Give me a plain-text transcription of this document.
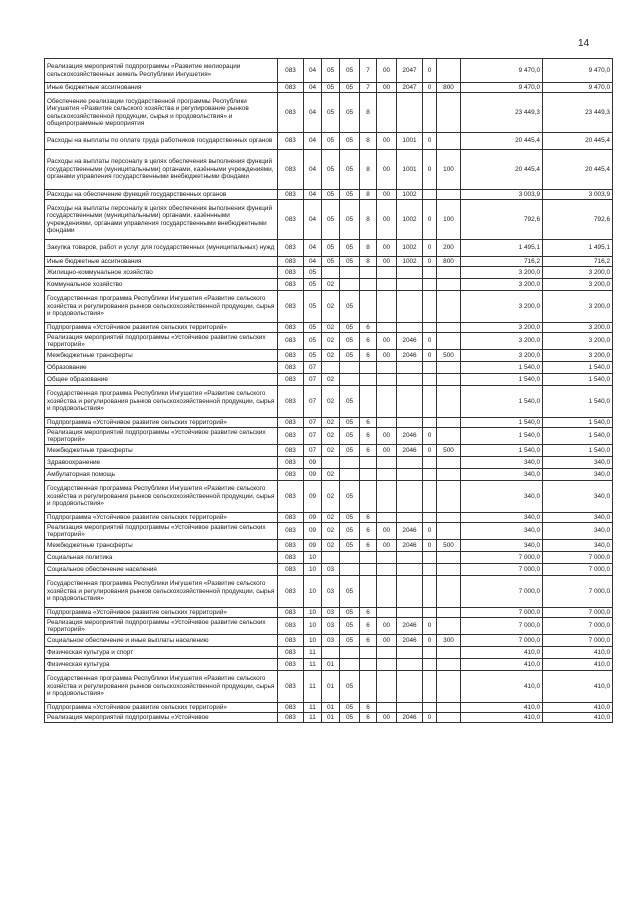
14
Реализация мероприятий подпрограммы «Развитие мелиорации сельскохозяйственных земель Республики Ингушетия»	083	04	05	05	7	00	2047	0		9 470,0	9 470,0
Иные бюджетные ассигнования	083	04	05	05	7	00	2047	0	800	9 470,0	9 470,0
Обеспечение реализации государственной программы Республики Ингушетия «Развитие сельского хозяйства и регулирование рынков сельскохозяйственной продукции, сырья и продовольствия» и общепрограммные мероприятия	083	04	05	05	8					23 449,3	23 449,3
Расходы на выплаты по оплате труда работников государственных органов	083	04	05	05	8	00	1001	0		20 445,4	20 445,4
Расходы на выплаты персоналу в целях обеспечения выполнения функций государственными (муниципальными) органами, казёнными учреждениями, органами управления государственными внебюджетными фондами	083	04	05	05	8	00	1001	0	100	20 445,4	20 445,4
Расходы на обеспечение функций государственных органов	083	04	05	05	8	00	1002			3 003,9	3 003,9
Расходы на выплаты персоналу в целях обеспечения выполнения функций государственными (муниципальными) органами, казённными учреждениями, органами управления государственными внебюджетными фондами	083	04	05	05	8	00	1002	0	100	792,6	792,6
Закупка товаров, работ и услуг для государственных (муниципальных) нужд	083	04	05	05	8	00	1002	0	200	1 495,1	1 495,1
Иные бюджетные ассигнования	083	04	05	05	8	00	1002	0	800	716,2	716,2
Жилищно-коммунальное хозяйство	083	05								3 200,0	3 200,0
Коммунальное хозяйство	083	05	02							3 200,0	3 200,0
Государственная программа Республики Ингушетия «Развитие сельского хозяйства и регулирования рынков сельскохозяйственной продукции, сырья и продовольствия»	083	05	02	05						3 200,0	3 200,0
Подпрограмма «Устойчивое развитие сельских территорий»	083	05	02	05	6					3 200,0	3 200,0
Реализация мероприятий подпрограммы «Устойчивое развитие сельских территорий»	083	05	02	05	6	00	2046	0		3 200,0	3 200,0
Межбюджетные трансферты	083	05	02	05	6	00	2046	0	500	3 200,0	3 200,0
Образование	083	07								1 540,0	1 540,0
Общее образование	083	07	02							1 540,0	1 540,0
Государственная программа Республики Ингушетия «Развитие сельского хозяйства и регулирования рынков сельскохозяйственной продукции, сырья и продовольствия»	083	07	02	05						1 540,0	1 540,0
Подпрограмма «Устойчивое развитие сельских территорий»	083	07	02	05	6					1 540,0	1 540,0
Реализация мероприятий подпрограммы «Устойчивое развитие сельских территорий»	083	07	02	05	6	00	2046	0		1 540,0	1 540,0
Межбюджетные трансферты	083	07	02	05	6	00	2046	0	500	1 540,0	1 540,0
Здравоохранение	083	09								340,0	340,0
Амбулаторная помощь	083	09	02							340,0	340,0
Государственная программа Республики Ингушетия «Развитие сельского хозяйства и регулирования рынков сельскохозяйственной продукции, сырья и продовольствия»	083	09	02	05						340,0	340,0
Подпрограмма «Устойчивое развитие сельских территорий»	083	09	02	05	6					340,0	340,0
Реализация мероприятий подпрограммы «Устойчивое развитие сельских территорий»	083	09	02	05	6	00	2046	0		340,0	340,0
Межбюджетные трансферты	083	09	02	05	6	00	2046	0	500	340,0	340,0
Социальная политика	083	10								7 000,0	7 000,0
Социальное обеспечение населения	083	10	03							7 000,0	7 000,0
Государственная программа Республики Ингушетия «Развитие сельского хозяйства и регулирования рынков сельскохозяйственной продукции, сырья и продовольствия»	083	10	03	05						7 000,0	7 000,0
Подпрограмма «Устойчивое развитие сельских территорий»	083	10	03	05	6					7 000,0	7 000,0
Реализация мероприятий подпрограммы «Устойчивое развитие сельских территорий»	083	10	03	05	6	00	2046	0		7 000,0	7 000,0
Социальное обеспечение и иные выплаты населению	083	10	03	05	6	00	2046	0	300	7 000,0	7 000,0
Физическая культура и спорт	083	11								410,0	410,0
Физическая культура	083	11	01							410,0	410,0
Государственная программа Республики Ингушетия «Развитие сельского хозяйства и регулирования рынков сельскохозяйственной продукции, сырья и продовольствия»	083	11	01	05						410,0	410,0
Подпрограмма «Устойчивое развитие сельских территорий»	083	11	01	05	6					410,0	410,0
Реализация мероприятий подпрограммы «Устойчивое	083	11	01	05	6	00	2046	0		410,0	410,0
